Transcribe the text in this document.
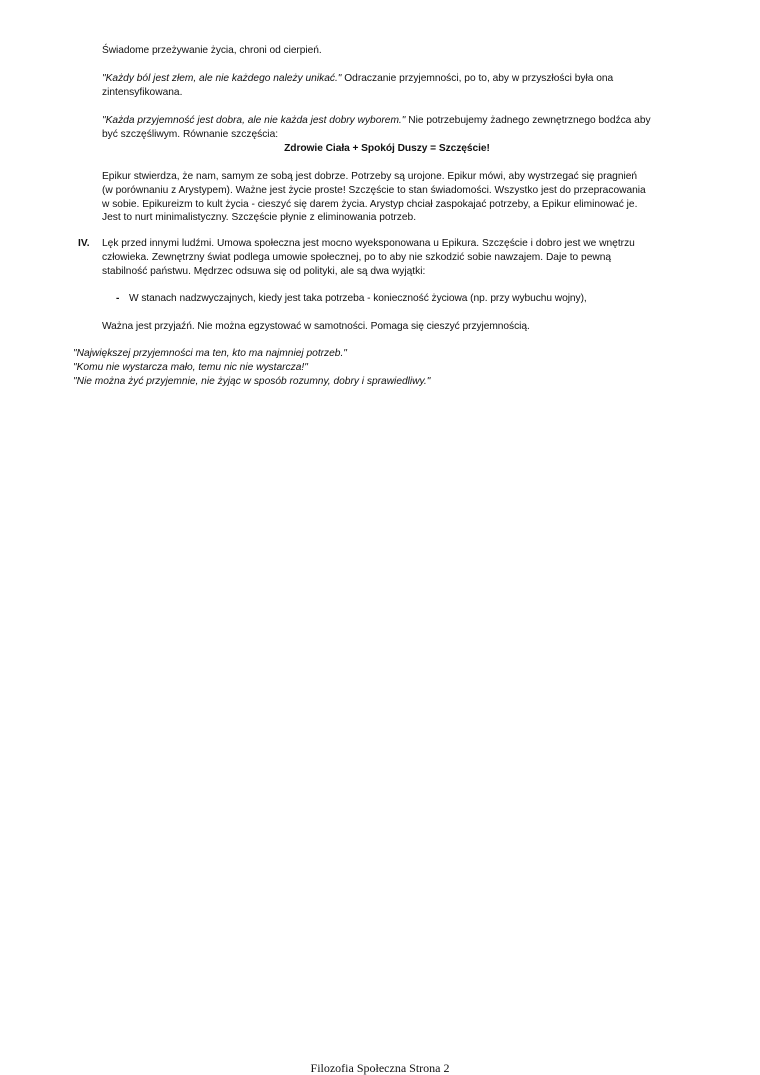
Świadome przeżywanie życia, chroni od cierpień.

"Każdy ból jest złem, ale nie każdego należy unikać." Odraczanie przyjemności, po to, aby w przyszłości była ona

zintensyfikowana.

"Każda przyjemność jest dobra, ale nie każda jest dobry wyborem." Nie potrzebujemy żadnego zewnętrznego bodźca aby

być szczęśliwym. Równanie szczęścia:

Zdrowie Ciała + Spokój Duszy = Szczęście!

Epikur stwierdza, że nam, samym ze sobą jest dobrze. Potrzeby są urojone. Epikur mówi, aby wystrzegać się pragnień

(w porównaniu z Arystypem). Ważne jest życie proste! Szczęście to stan świadomości. Wszystko jest do przepracowania

w sobie. Epikureizm to kult życia - cieszyć się darem życia. Arystyp chciał zaspokajać potrzeby, a Epikur eliminować je.

Jest to nurt minimalistyczny. Szczęście płynie z eliminowania potrzeb.

IV. Lęk przed innymi ludźmi. Umowa społeczna jest mocno wyeksponowana u Epikura. Szczęście i dobro jest we wnętrzu

człowieka. Zewnętrzny świat podlega umowie społecznej, po to aby nie szkodzić sobie nawzajem. Daje to pewną

stabilność państwu. Mędrzec odsuwa się od polityki, ale są dwa wyjątki:

- W stanach nadzwyczajnych, kiedy jest taka potrzeba - konieczność życiowa (np. przy wybuchu wojny),
Ważna jest przyjaźń. Nie można egzystować w samotności. Pomaga się cieszyć przyjemnością.

"Największej przyjemności ma ten, kto ma najmniej potrzeb."

"Komu nie wystarcza mało, temu nic nie wystarcza!"

"Nie można żyć przyjemnie, nie żyjąc w sposób rozumny, dobry i sprawiedliwy."

Filozofia Społeczna Strona 2
